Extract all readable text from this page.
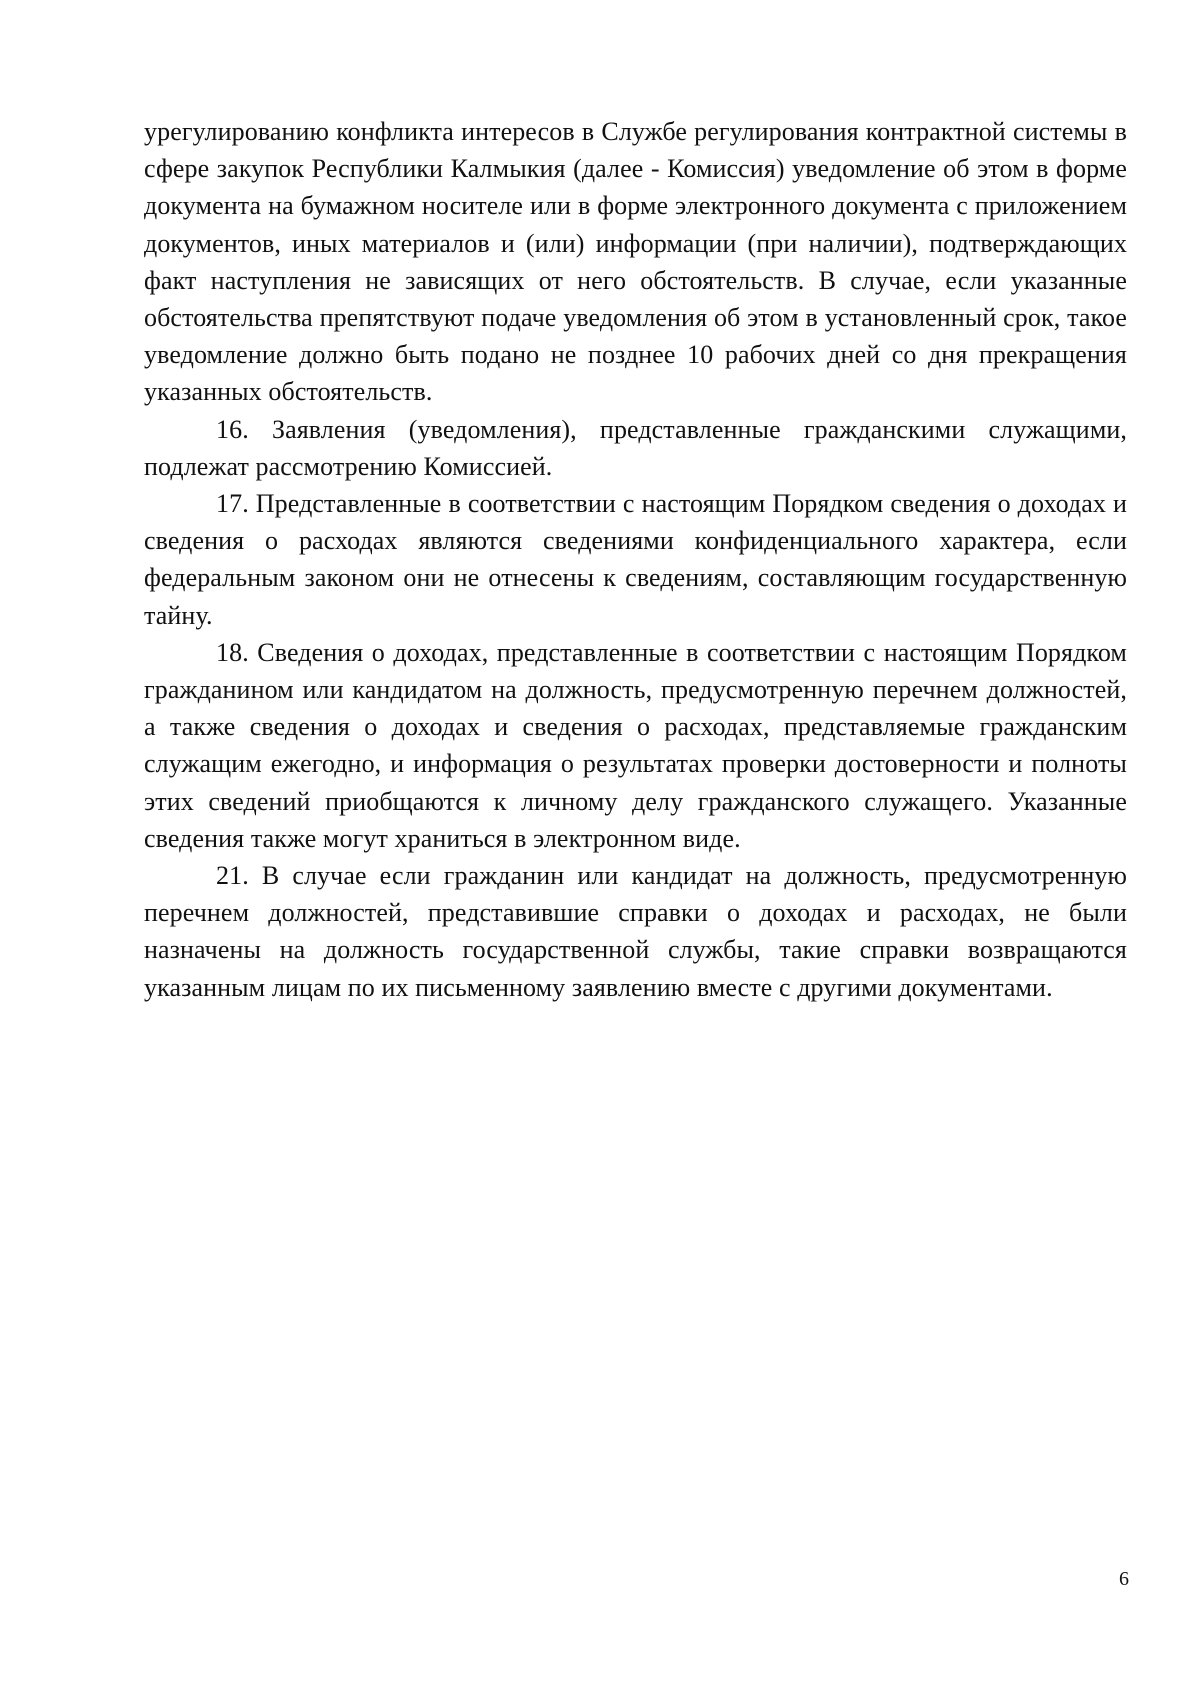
урегулированию конфликта интересов в Службе регулирования контрактной системы в сфере закупок Республики Калмыкия (далее - Комиссия) уведомление об этом в форме документа на бумажном носителе или в форме электронного документа с приложением документов, иных материалов и (или) информации (при наличии), подтверждающих факт наступления не зависящих от него обстоятельств. В случае, если указанные обстоятельства препятствуют подаче уведомления об этом в установленный срок, такое уведомление должно быть подано не позднее 10 рабочих дней со дня прекращения указанных обстоятельств.

16. Заявления (уведомления), представленные гражданскими служащими, подлежат рассмотрению Комиссией.

17. Представленные в соответствии с настоящим Порядком сведения о доходах и сведения о расходах являются сведениями конфиденциального характера, если федеральным законом они не отнесены к сведениям, составляющим государственную тайну.

18. Сведения о доходах, представленные в соответствии с настоящим Порядком гражданином или кандидатом на должность, предусмотренную перечнем должностей, а также сведения о доходах и сведения о расходах, представляемые гражданским служащим ежегодно, и информация о результатах проверки достоверности и полноты этих сведений приобщаются к личному делу гражданского служащего. Указанные сведения также могут храниться в электронном виде.

21. В случае если гражданин или кандидат на должность, предусмотренную перечнем должностей, представившие справки о доходах и расходах, не были назначены на должность государственной службы, такие справки возвращаются указанным лицам по их письменному заявлению вместе с другими документами.

6
